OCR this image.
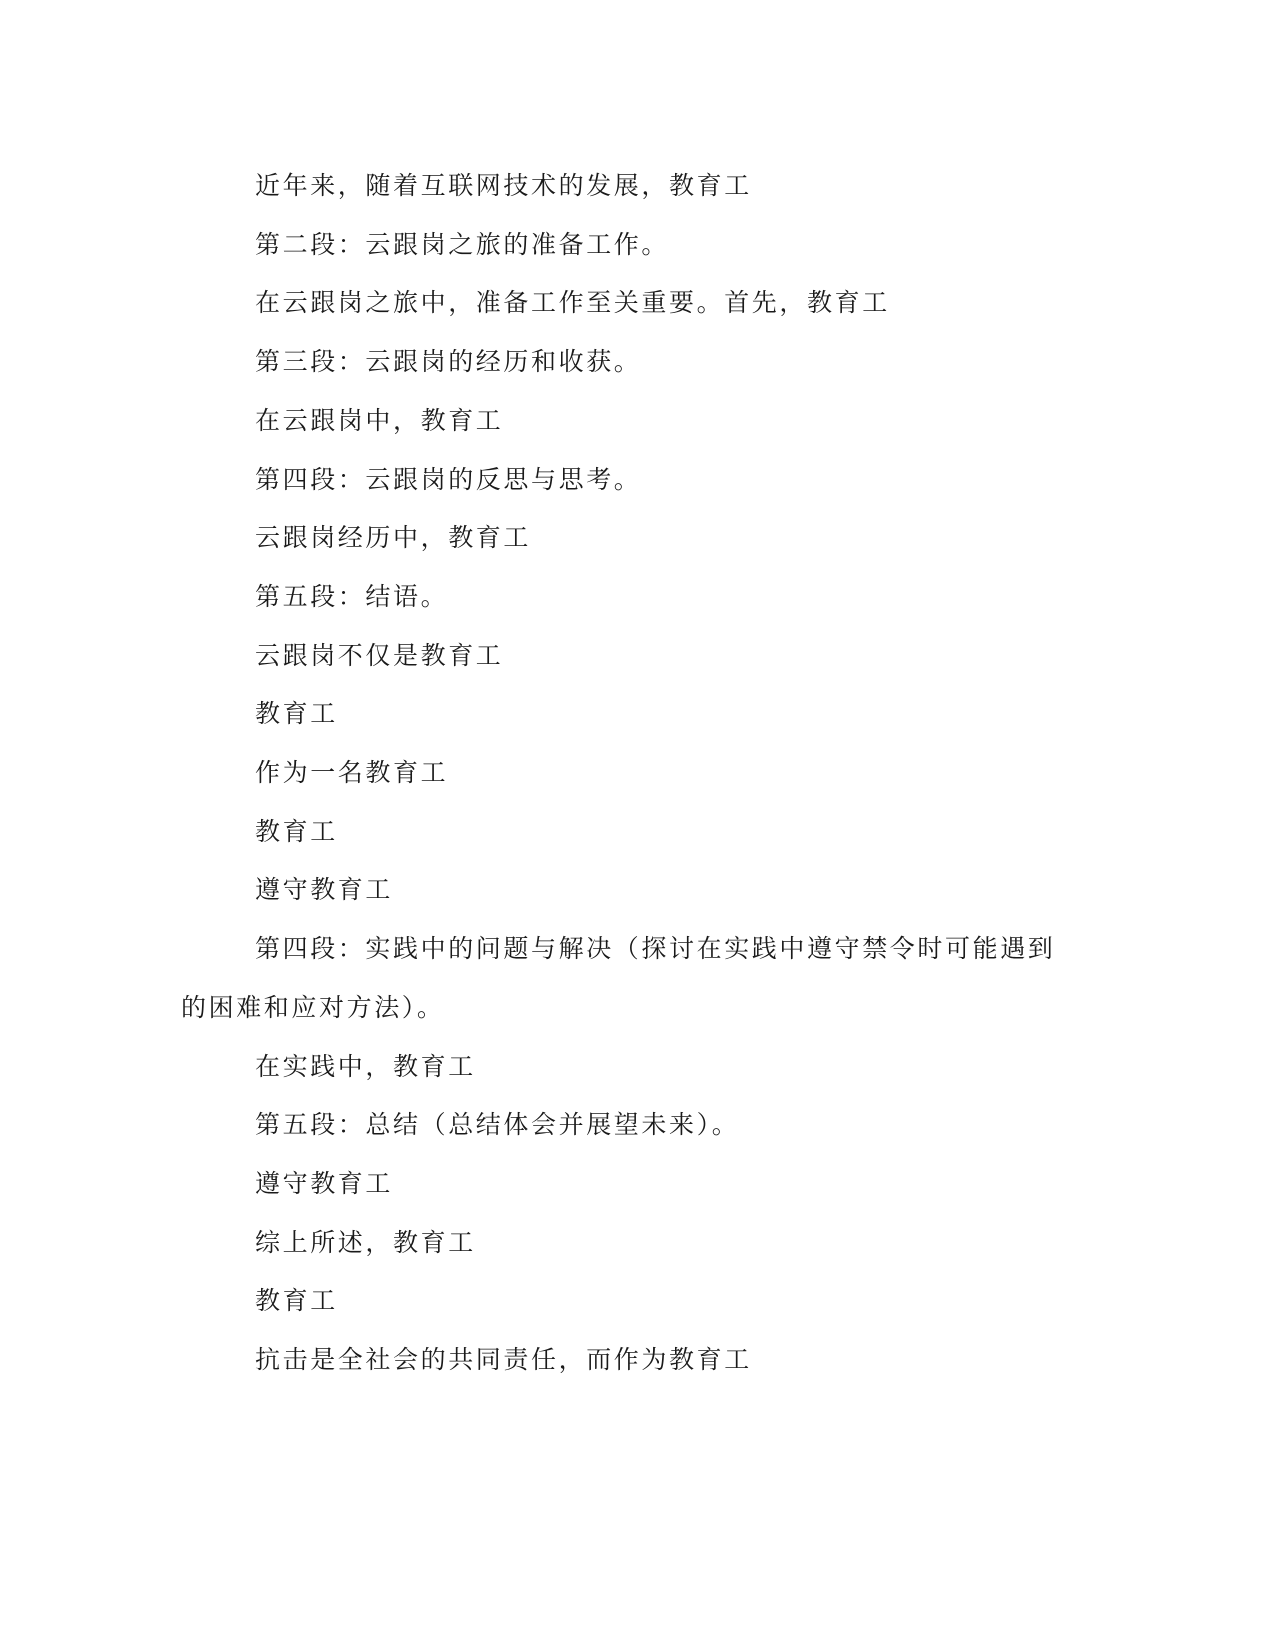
近年来，随着互联网技术的发展，教育工

第二段：云跟岗之旅的准备工作。

在云跟岗之旅中，准备工作至关重要。首先，教育工

第三段：云跟岗的经历和收获。

在云跟岗中，教育工

第四段：云跟岗的反思与思考。

云跟岗经历中，教育工

第五段：结语。

云跟岗不仅是教育工

教育工

作为一名教育工

教育工

遵守教育工

第四段：实践中的问题与解决（探讨在实践中遵守禁令时可能遇到的困难和应对方法）。

在实践中，教育工

第五段：总结（总结体会并展望未来）。

遵守教育工

综上所述，教育工

教育工

抗击是全社会的共同责任，而作为教育工
